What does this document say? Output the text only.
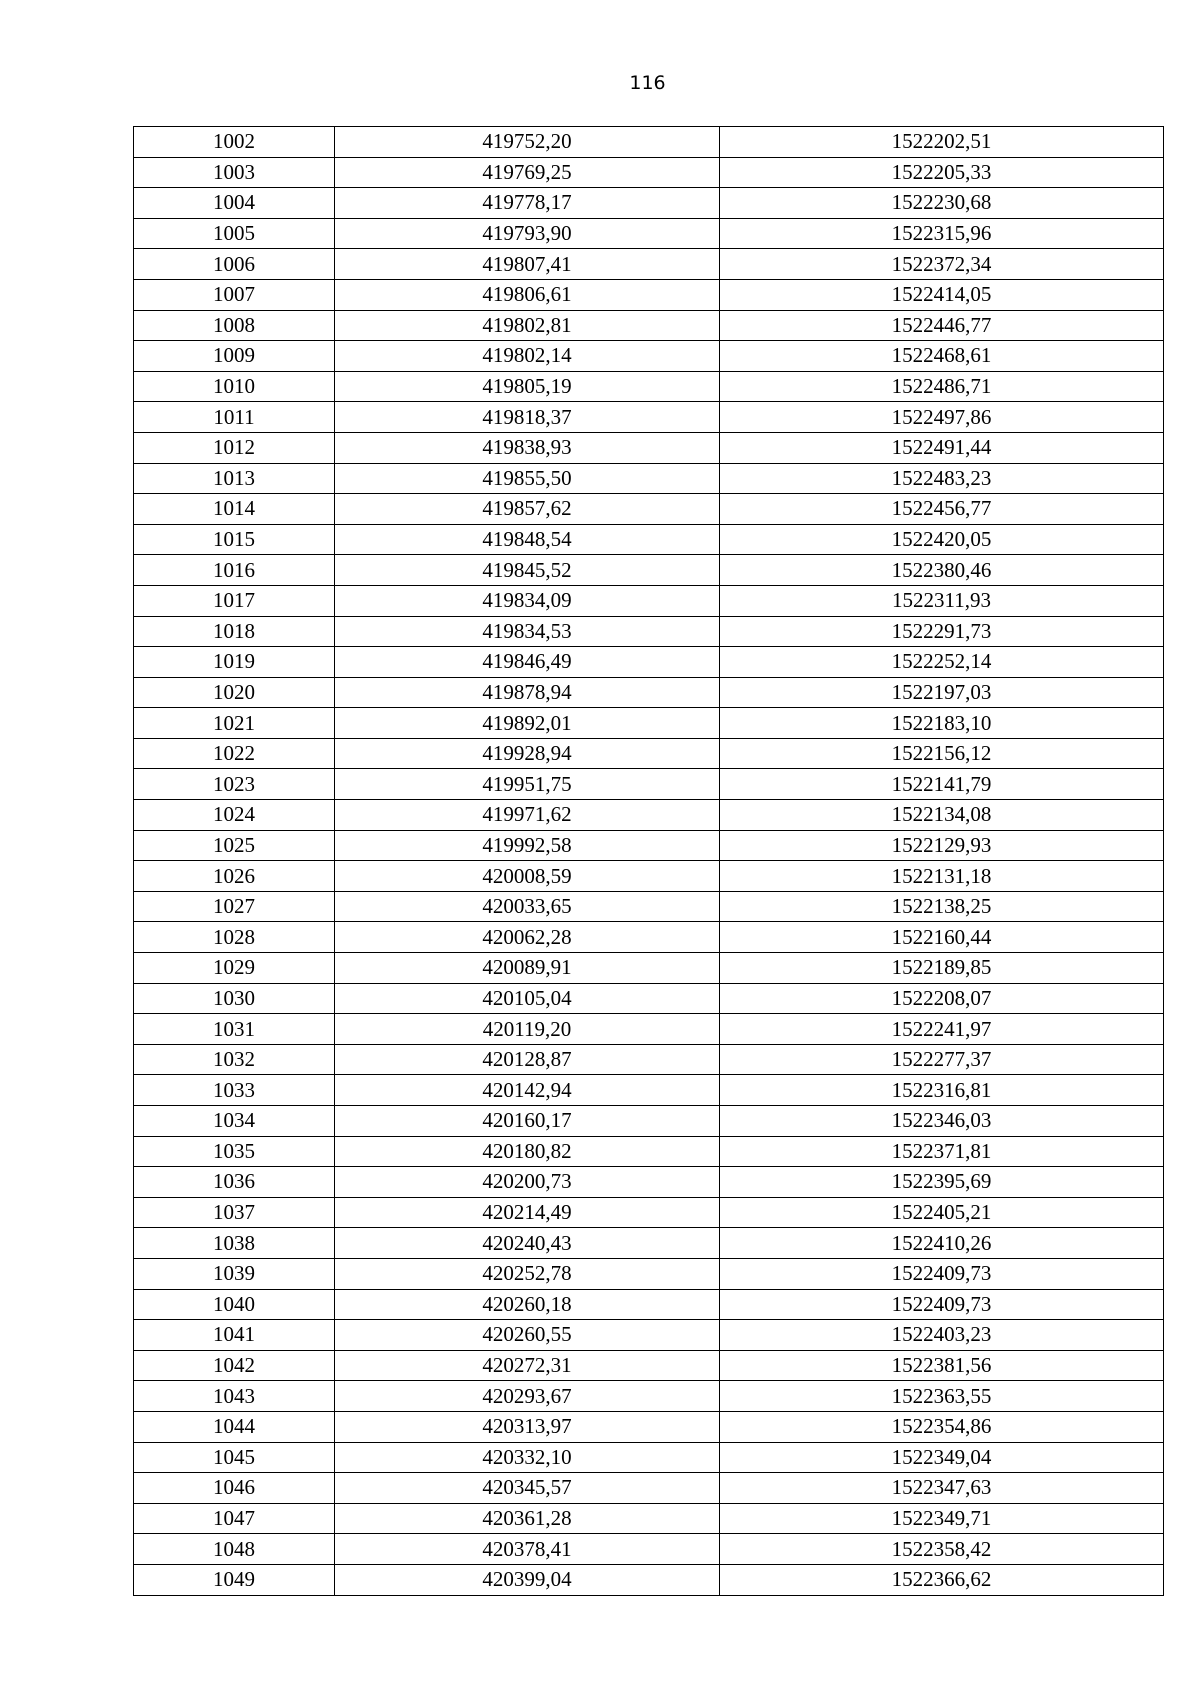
116
1002	419752,20	1522202,51
1003	419769,25	1522205,33
1004	419778,17	1522230,68
1005	419793,90	1522315,96
1006	419807,41	1522372,34
1007	419806,61	1522414,05
1008	419802,81	1522446,77
1009	419802,14	1522468,61
1010	419805,19	1522486,71
1011	419818,37	1522497,86
1012	419838,93	1522491,44
1013	419855,50	1522483,23
1014	419857,62	1522456,77
1015	419848,54	1522420,05
1016	419845,52	1522380,46
1017	419834,09	1522311,93
1018	419834,53	1522291,73
1019	419846,49	1522252,14
1020	419878,94	1522197,03
1021	419892,01	1522183,10
1022	419928,94	1522156,12
1023	419951,75	1522141,79
1024	419971,62	1522134,08
1025	419992,58	1522129,93
1026	420008,59	1522131,18
1027	420033,65	1522138,25
1028	420062,28	1522160,44
1029	420089,91	1522189,85
1030	420105,04	1522208,07
1031	420119,20	1522241,97
1032	420128,87	1522277,37
1033	420142,94	1522316,81
1034	420160,17	1522346,03
1035	420180,82	1522371,81
1036	420200,73	1522395,69
1037	420214,49	1522405,21
1038	420240,43	1522410,26
1039	420252,78	1522409,73
1040	420260,18	1522409,73
1041	420260,55	1522403,23
1042	420272,31	1522381,56
1043	420293,67	1522363,55
1044	420313,97	1522354,86
1045	420332,10	1522349,04
1046	420345,57	1522347,63
1047	420361,28	1522349,71
1048	420378,41	1522358,42
1049	420399,04	1522366,62
